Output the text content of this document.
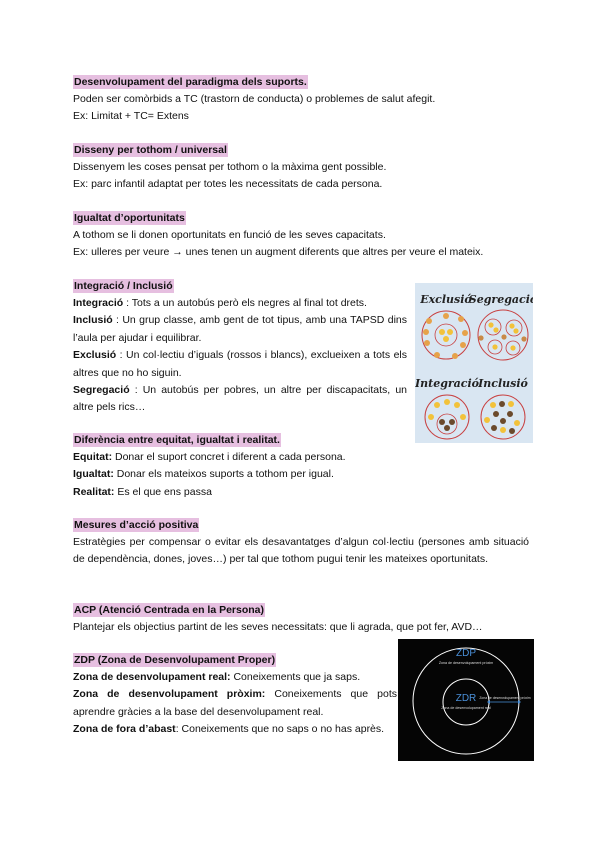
Desenvolupament del paradigma dels suports.
Poden ser comòrbids a TC (trastorn de conducta) o problemes de salut afegit.
Ex: Limitat + TC= Extens
Disseny per tothom / universal
Dissenyem les coses pensat per tothom o la màxima gent possible.
Ex: parc infantil adaptat per totes les necessitats de cada persona.
Igualtat d’oportunitats
A tothom se li donen oportunitats en funció de les seves capacitats.
Ex: ulleres per veure → unes tenen un augment diferents que altres per veure el mateix.
Integració / Inclusió
Integració : Tots a un autobús però els negres al final tot drets.
Inclusió : Un grup classe, amb gent de tot tipus, amb una TAPSD dins l’aula per ajudar i equilibrar.
Exclusió : Un col·lectiu d’iguals (rossos i blancs), exclueixen a tots els altres que no ho siguin.
Segregació : Un autobús per pobres, un altre per discapacitats, un altre pels rics…
Exclusió
Segregació
Integració Inclusió
Diferència entre equitat, igualtat i realitat.
Equitat: Donar el suport concret i diferent a cada persona.
Igualtat: Donar els mateixos suports a tothom per igual.
Realitat: Es el que ens passa
Mesures d’acció positiva
Estratègies per compensar o evitar els desavantatges d’algun col·lectiu (persones amb situació de dependència, dones, joves…) per tal que tothom pugui tenir les mateixes oportunitats.
ACP (Atenció Centrada en la Persona)
Plantejar els objectius partint de les seves necessitats: que li agrada, que pot fer, AVD…
ZDP (Zona de Desenvolupament Proper)
Zona de desenvolupament real: Coneixements que ja saps.
Zona de desenvolupament pròxim: Coneixements que pots aprendre gràcies a la base del desenvolupament real.
Zona de fora d’abast: Coneixements que no saps o no has après.
ZDP
Zona de desenvolupament pròxim
ZDR
Zona de desenvolupament real
Zona de desenvolupament pròxim
